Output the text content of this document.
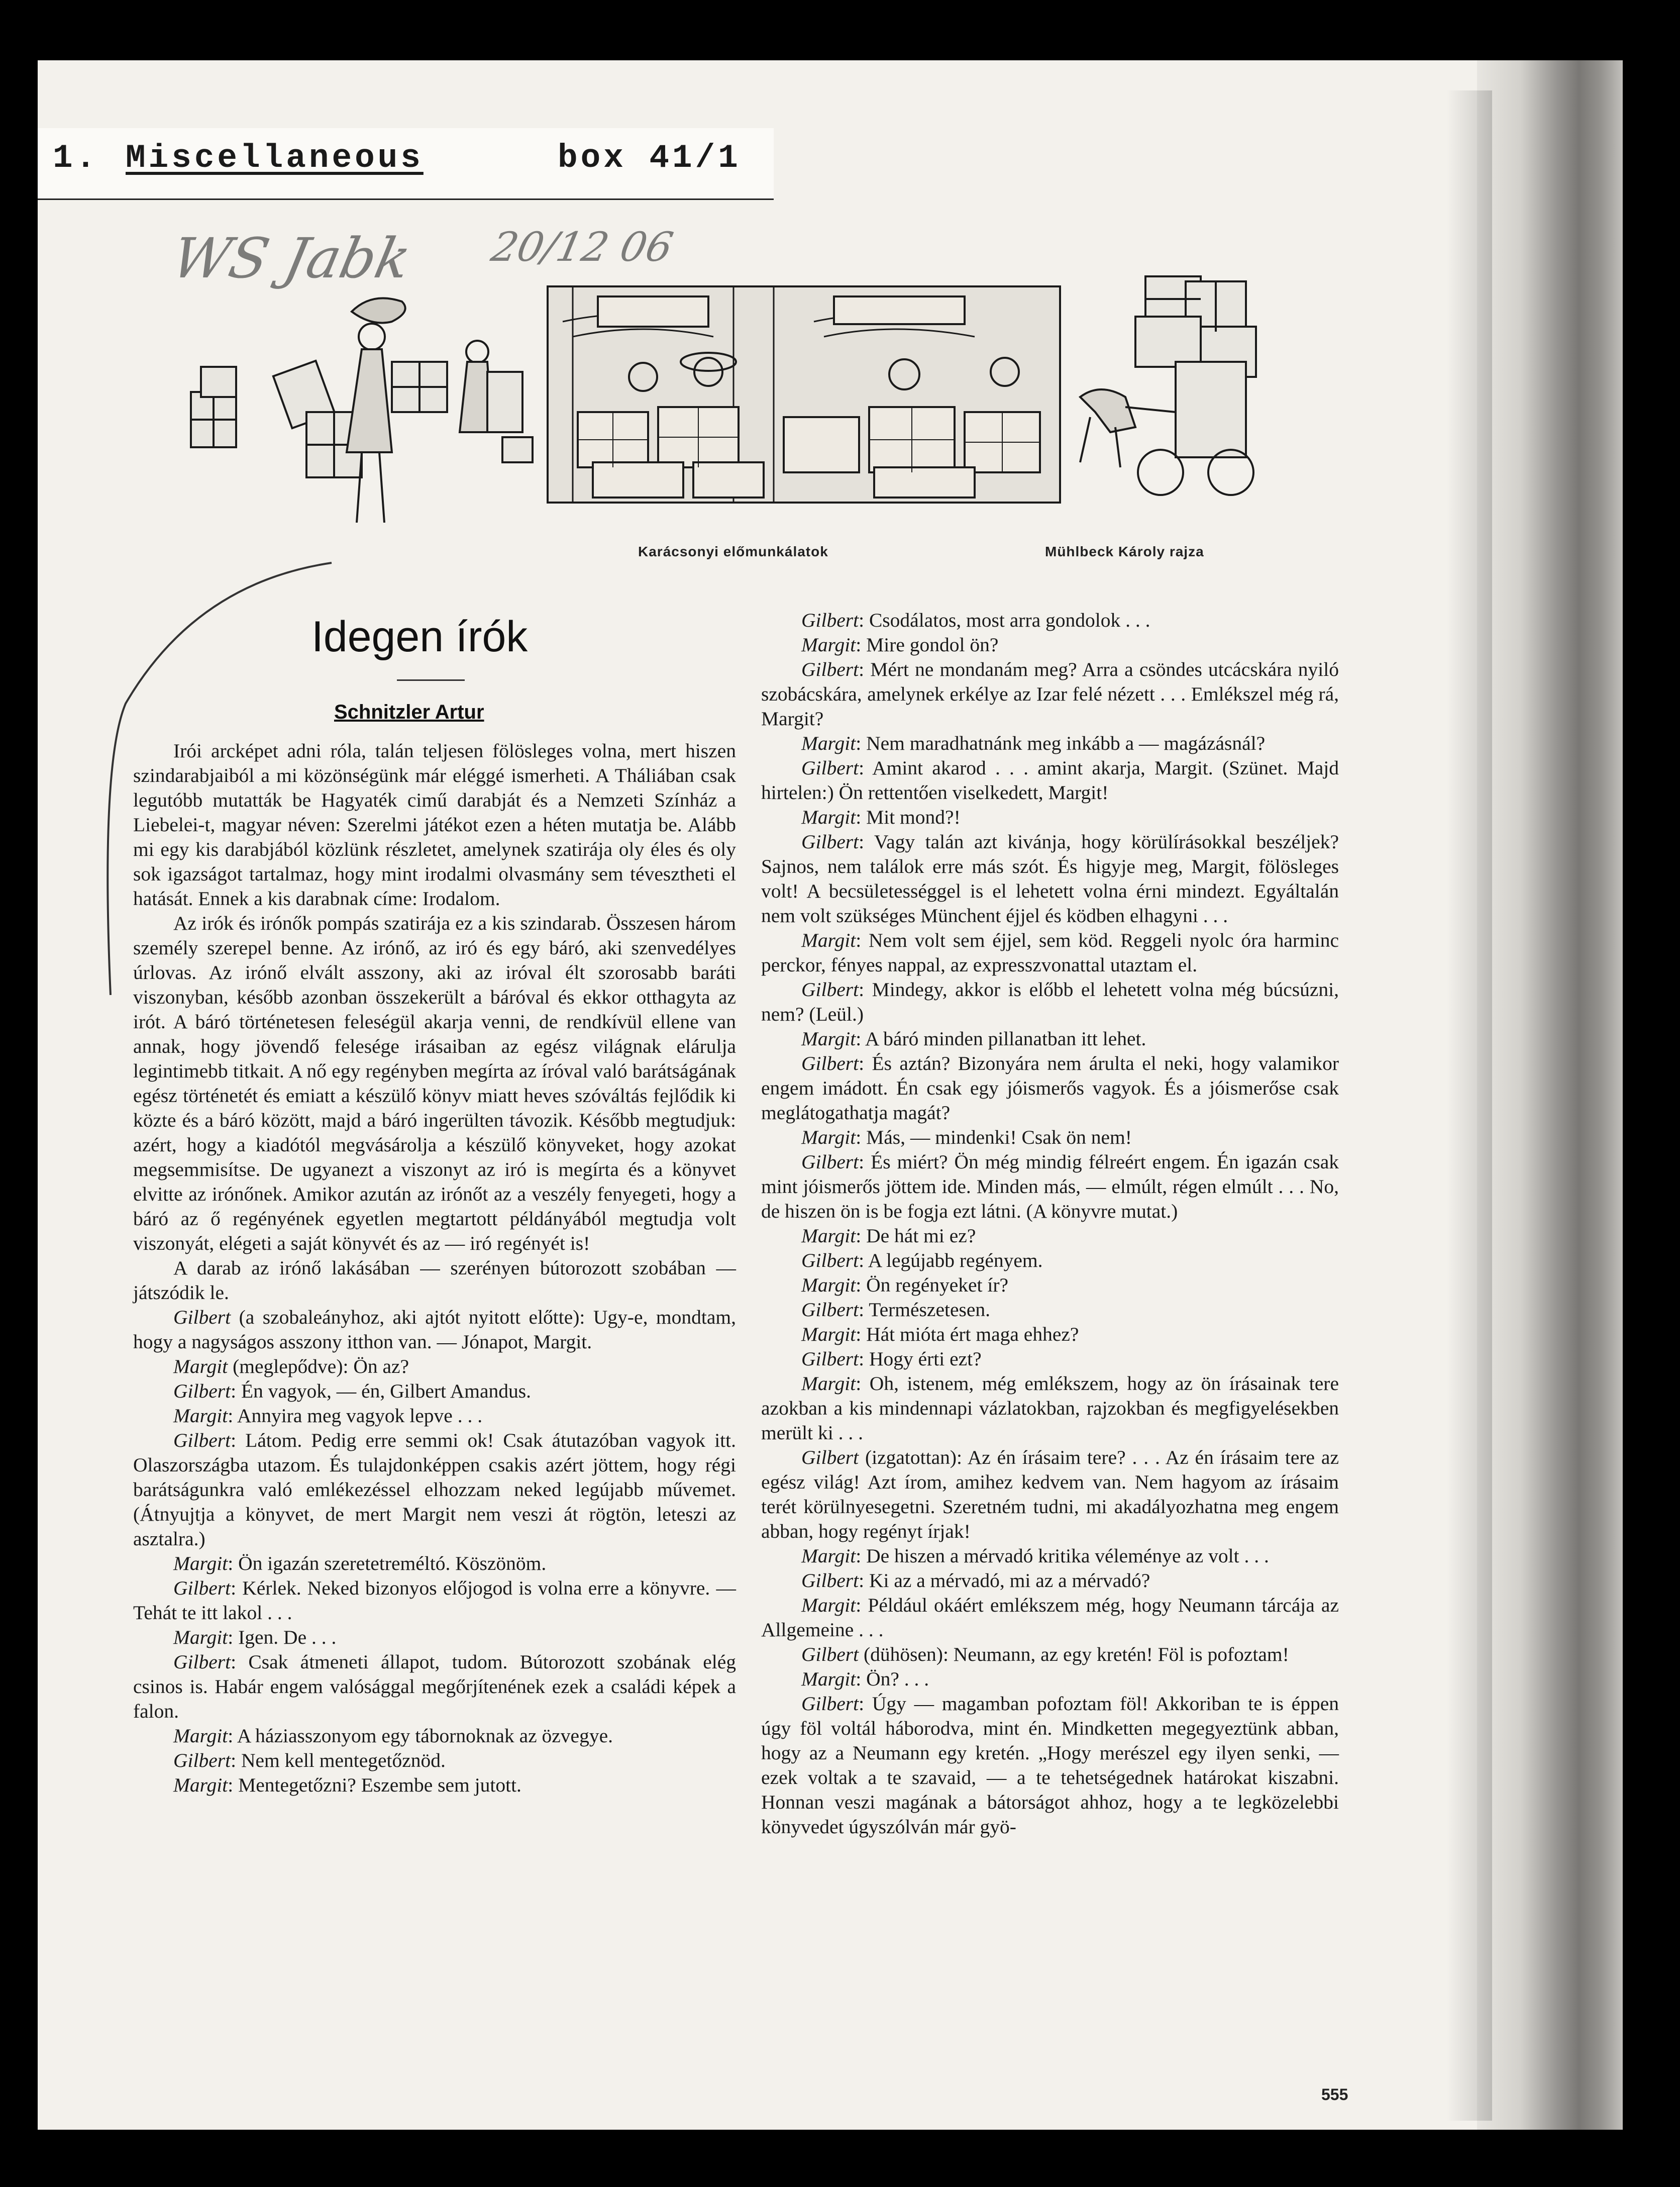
1. Miscellaneous	box 41/1
WS Jabk 20/12 06
Karácsonyi előmunkálatok	Mühlbeck Károly rajza
Idegen írók
Schnitzler Artur

Irói arcképet adni róla, talán teljesen fölösleges volna, mert hiszen szindarabjaiból a mi közönségünk már eléggé ismerheti. A Tháliában csak legutóbb mutatták be Hagyaték cimű darabját és a Nemzeti Színház a Liebelei-t, magyar néven: Szerelmi játékot ezen a héten mutatja be. Alább mi egy kis darabjából közlünk részletet, amelynek szatirája oly éles és oly sok igazságot tartalmaz, hogy mint irodalmi olvasmány sem tévesztheti el hatását. Ennek a kis darabnak címe: Irodalom.

Az irók és irónők pompás szatirája ez a kis szindarab. Összesen három személy szerepel benne. Az irónő, az iró és egy báró, aki szenvedélyes úrlovas. Az irónő elvált asszony, aki az iróval élt szorosabb baráti viszonyban, később azonban összekerült a báróval és ekkor otthagyta az irót. A báró történetesen feleségül akarja venni, de rendkívül ellene van annak, hogy jövendő felesége irásaiban az egész világnak elárulja legintimebb titkait. A nő egy regényben megírta az íróval való barátságának egész történetét és emiatt a készülő könyv miatt heves szóváltás fejlődik ki közte és a báró között, majd a báró ingerülten távozik. Később megtudjuk: azért, hogy a kiadótól megvásárolja a készülő könyveket, hogy azokat megsemmisítse. De ugyanezt a viszonyt az iró is megírta és a könyvet elvitte az irónőnek. Amikor azután az irónőt az a veszély fenyegeti, hogy a báró az ő regényének egyetlen megtartott példányából megtudja volt viszonyát, elégeti a saját könyvét és az — iró regényét is!

A darab az irónő lakásában — szerényen bútorozott szobában — játszódik le.

Gilbert (a szobaleányhoz, aki ajtót nyitott előtte): Ugy-e, mondtam, hogy a nagyságos asszony itthon van. — Jónapot, Margit.

Margit (meglepődve): Ön az?

Gilbert: Én vagyok, — én, Gilbert Amandus.

Margit: Annyira meg vagyok lepve . . .

Gilbert: Látom. Pedig erre semmi ok! Csak átutazóban vagyok itt. Olaszországba utazom. És tulajdonképpen csakis azért jöttem, hogy régi barátságunkra való emlékezéssel elhozzam neked legújabb művemet. (Átnyujtja a könyvet, de mert Margit nem veszi át rögtön, leteszi az asztalra.)

Margit: Ön igazán szeretetreméltó. Köszönöm.

Gilbert: Kérlek. Neked bizonyos előjogod is volna erre a könyvre. — Tehát te itt lakol . . .

Margit: Igen. De . . .

Gilbert: Csak átmeneti állapot, tudom. Bútorozott szobának elég csinos is. Habár engem valósággal megőrjítenének ezek a családi képek a falon.

Margit: A háziasszonyom egy tábornoknak az özvegye.

Gilbert: Nem kell mentegetőznöd.

Margit: Mentegetőzni? Eszembe sem jutott.

Gilbert: Csodálatos, most arra gondolok . . .

Margit: Mire gondol ön?

Gilbert: Mért ne mondanám meg? Arra a csöndes utcácskára nyiló szobácskára, amelynek erkélye az Izar felé nézett . . . Emlékszel még rá, Margit?

Margit: Nem maradhatnánk meg inkább a — magázásnál?

Gilbert: Amint akarod . . . amint akarja, Margit. (Szünet. Majd hirtelen:) Ön rettentően viselkedett, Margit!

Margit: Mit mond?!

Gilbert: Vagy talán azt kivánja, hogy körülírásokkal beszéljek? Sajnos, nem találok erre más szót. És higyje meg, Margit, fölösleges volt! A becsületességgel is el lehetett volna érni mindezt. Egyáltalán nem volt szükséges Münchent éjjel és ködben elhagyni . . .

Margit: Nem volt sem éjjel, sem köd. Reggeli nyolc óra harminc perckor, fényes nappal, az expresszvonattal utaztam el.

Gilbert: Mindegy, akkor is előbb el lehetett volna még búcsúzni, nem? (Leül.)

Margit: A báró minden pillanatban itt lehet.

Gilbert: És aztán? Bizonyára nem árulta el neki, hogy valamikor engem imádott. Én csak egy jóismerős vagyok. És a jóismerőse csak meglátogathatja magát?

Margit: Más, — mindenki! Csak ön nem!

Gilbert: És miért? Ön még mindig félreért engem. Én igazán csak mint jóismerős jöttem ide. Minden más, — elmúlt, régen elmúlt . . . No, de hiszen ön is be fogja ezt látni. (A könyvre mutat.)

Margit: De hát mi ez?

Gilbert: A legújabb regényem.

Margit: Ön regényeket ír?

Gilbert: Természetesen.

Margit: Hát mióta ért maga ehhez?

Gilbert: Hogy érti ezt?

Margit: Oh, istenem, még emlékszem, hogy az ön írásainak tere azokban a kis mindennapi vázlatokban, rajzokban és megfigyelésekben merült ki . . .

Gilbert (izgatottan): Az én írásaim tere? . . . Az én írásaim tere az egész világ! Azt írom, amihez kedvem van. Nem hagyom az írásaim terét körülnyesegetni. Szeretném tudni, mi akadályozhatna meg engem abban, hogy regényt írjak!

Margit: De hiszen a mérvadó kritika véleménye az volt . . .

Gilbert: Ki az a mérvadó, mi az a mérvadó?

Margit: Például okáért emlékszem még, hogy Neumann tárcája az Allgemeine . . .

Gilbert (dühösen): Neumann, az egy kretén! Föl is pofoztam!

Margit: Ön? . . .

Gilbert: Úgy — magamban pofoztam föl! Akkoriban te is éppen úgy föl voltál háborodva, mint én. Mindketten megegyeztünk abban, hogy az a Neumann egy kretén. „Hogy merészel egy ilyen senki, — ezek voltak a te szavaid, — a te tehetségednek határokat kiszabni. Honnan veszi magának a bátorságot ahhoz, hogy a te legközelebbi könyvedet úgyszólván már gyö-

555
